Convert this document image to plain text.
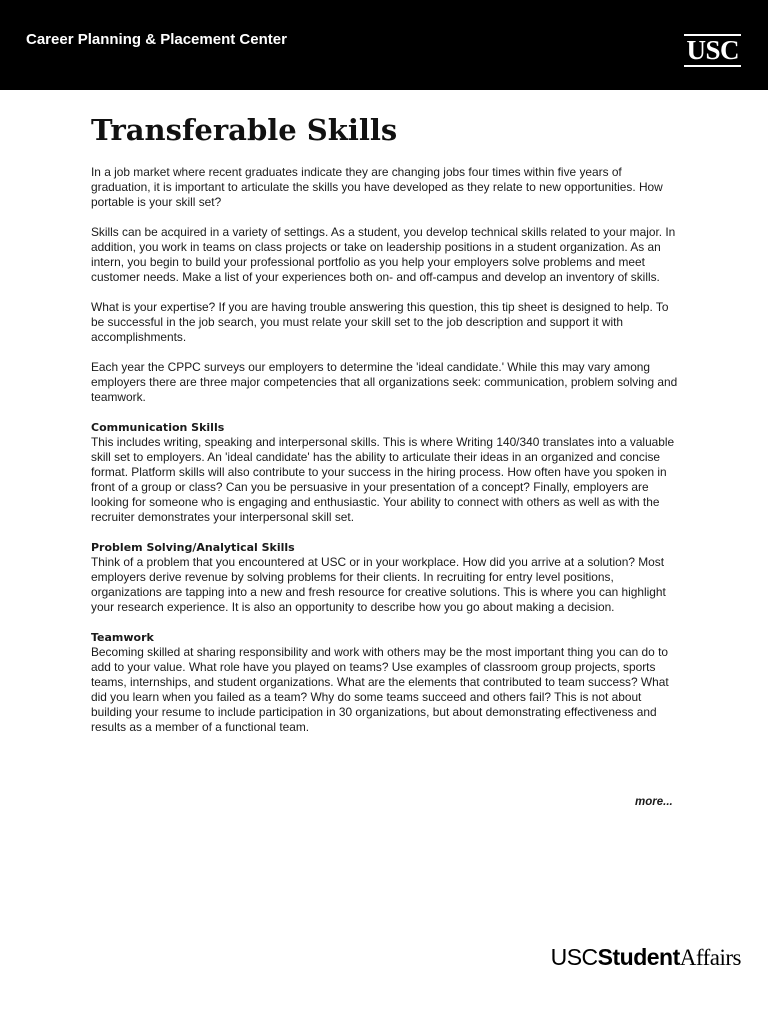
Career Planning & Placement Center	USC
Transferable Skills

In a job market where recent graduates indicate they are changing jobs four times within five years of graduation, it is important to articulate the skills you have developed as they relate to new opportunities. How portable is your skill set?

Skills can be acquired in a variety of settings. As a student, you develop technical skills related to your major. In addition, you work in teams on class projects or take on leadership positions in a student organization. As an intern, you begin to build your professional portfolio as you help your employers solve problems and meet customer needs. Make a list of your experiences both on- and off-campus and develop an inventory of skills.

What is your expertise? If you are having trouble answering this question, this tip sheet is designed to help. To be successful in the job search, you must relate your skill set to the job description and support it with accomplishments.

Each year the CPPC surveys our employers to determine the 'ideal candidate.' While this may vary among employers there are three major competencies that all organizations seek: communication, problem solving and teamwork.

Communication Skills

This includes writing, speaking and interpersonal skills. This is where Writing 140/340 translates into a valuable skill set to employers. An 'ideal candidate' has the ability to articulate their ideas in an organized and concise format. Platform skills will also contribute to your success in the hiring process. How often have you spoken in front of a group or class? Can you be persuasive in your presentation of a concept? Finally, employers are looking for someone who is engaging and enthusiastic. Your ability to connect with others as well as with the recruiter demonstrates your interpersonal skill set.

Problem Solving/Analytical Skills

Think of a problem that you encountered at USC or in your workplace. How did you arrive at a solution? Most employers derive revenue by solving problems for their clients. In recruiting for entry level positions, organizations are tapping into a new and fresh resource for creative solutions. This is where you can highlight your research experience. It is also an opportunity to describe how you go about making a decision.

Teamwork

Becoming skilled at sharing responsibility and work with others may be the most important thing you can do to add to your value. What role have you played on teams? Use examples of classroom group projects, sports teams, internships, and student organizations. What are the elements that contributed to team success? What did you learn when you failed as a team? Why do some teams succeed and others fail? This is not about building your resume to include participation in 30 organizations, but about demonstrating effectiveness and results as a member of a functional team.

more...
USCStudentAffairs
